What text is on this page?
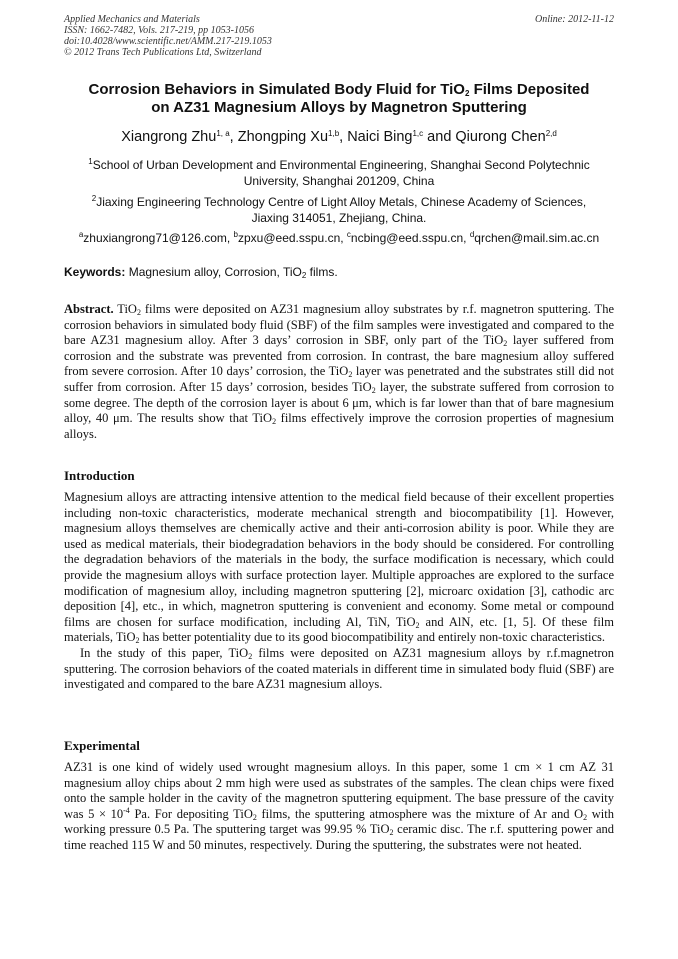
Applied Mechanics and Materials
ISSN: 1662-7482, Vols. 217-219, pp 1053-1056
doi:10.4028/www.scientific.net/AMM.217-219.1053
© 2012 Trans Tech Publications Ltd, Switzerland
Online: 2012-11-12
Corrosion Behaviors in Simulated Body Fluid for TiO$_2$ Films Deposited
on AZ31 Magnesium Alloys by Magnetron Sputtering
Xiangrong Zhu$^{1, a}$, Zhongping Xu$^{1,b}$, Naici Bing$^{1,c}$ and Qiurong Chen$^{2,d}$
$^1$School of Urban Development and Environmental Engineering, Shanghai Second Polytechnic
University, Shanghai 201209, China
$^2$Jiaxing Engineering Technology Centre of Light Alloy Metals, Chinese Academy of Sciences,
Jiaxing 314051, Zhejiang, China.
$^a$zhuxiangrong71@126.com, $^b$zpxu@eed.sspu.cn, $^c$ncbing@eed.sspu.cn, $^d$qrchen@mail.sim.ac.cn
Keywords: Magnesium alloy, Corrosion, TiO$_2$ films.

Abstract. TiO$_2$ films were deposited on AZ31 magnesium alloy substrates by r.f. magnetron sputtering. The corrosion behaviors in simulated body fluid (SBF) of the film samples were investigated and compared to the bare AZ31 magnesium alloy. After 3 days’ corrosion in SBF, only part of the TiO$_2$ layer suffered from corrosion and the substrate was prevented from corrosion. In contrast, the bare magnesium alloy suffered from severe corrosion. After 10 days’ corrosion, the TiO$_2$ layer was penetrated and the substrates still did not suffer from corrosion. After 15 days’ corrosion, besides TiO$_2$ layer, the substrate suffered from corrosion to some degree. The depth of the corrosion layer is about 6 μm, which is far lower than that of bare magnesium alloy, 40 μm. The results show that TiO$_2$ films effectively improve the corrosion properties of magnesium alloys.

Introduction

Magnesium alloys are attracting intensive attention to the medical field because of their excellent properties including non-toxic characteristics, moderate mechanical strength and biocompatibility [1]. However, magnesium alloys themselves are chemically active and their anti-corrosion ability is poor. While they are used as medical materials, their biodegradation behaviors in the body should be considered. For controlling the degradation behaviors of the materials in the body, the surface modification is necessary, which could provide the magnesium alloys with surface protection layer. Multiple approaches are explored to the surface modification of magnesium alloy, including magnetron sputtering [2], microarc oxidation [3], cathodic arc deposition [4], etc., in which, magnetron sputtering is convenient and economy. Some metal or compound films are chosen for surface modification, including Al, TiN, TiO$_2$ and AlN, etc. [1, 5]. Of these film materials, TiO$_2$ has better potentiality due to its good biocompatibility and entirely non-toxic characteristics.

In the study of this paper, TiO$_2$ films were deposited on AZ31 magnesium alloys by r.f.magnetron sputtering. The corrosion behaviors of the coated materials in different time in simulated body fluid (SBF) are investigated and compared to the bare AZ31 magnesium alloys.

Experimental

AZ31 is one kind of widely used wrought magnesium alloys. In this paper, some 1 cm × 1 cm AZ 31 magnesium alloy chips about 2 mm high were used as substrates of the samples. The clean chips were fixed onto the sample holder in the cavity of the magnetron sputtering equipment. The base pressure of the cavity was $5 \times 10^{-4}$ Pa. For depositing TiO$_2$ films, the sputtering atmosphere was the mixture of Ar and $O_2$ with working pressure 0.5 Pa. The sputtering target was 99.95 % TiO$_2$ ceramic disc. The r.f. sputtering power and time reached 115 W and 50 minutes, respectively. During the sputtering, the substrates were not heated.
